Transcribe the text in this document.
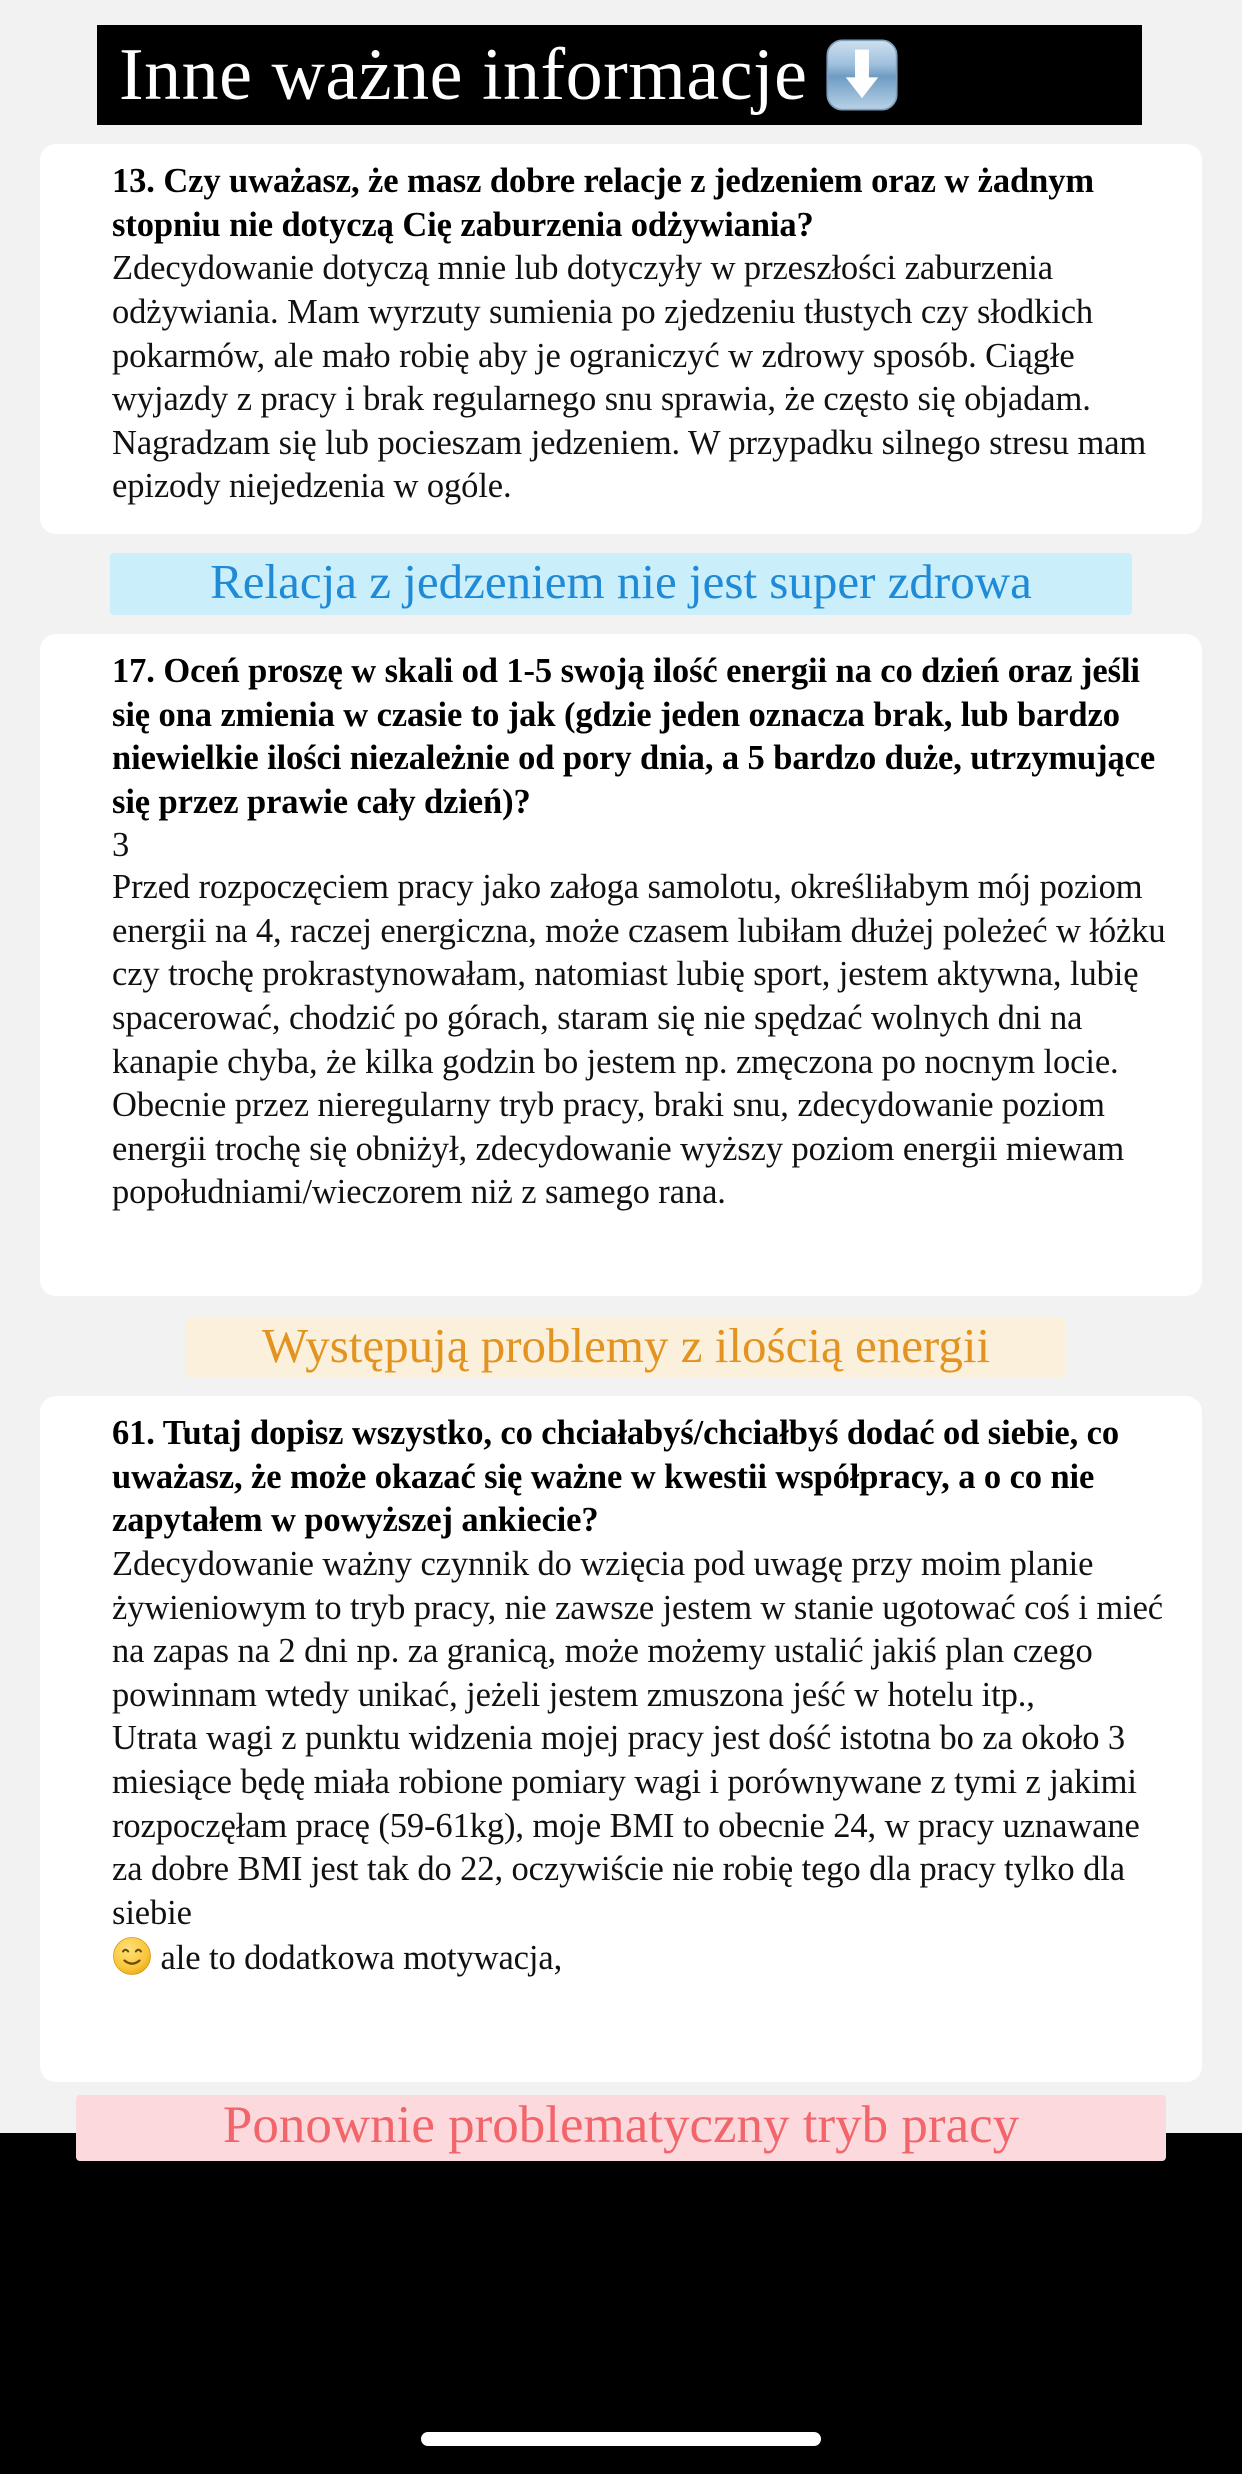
Inne ważne informacje

13. Czy uważasz, że masz dobre relacje z jedzeniem oraz w żadnym stopniu nie dotyczą Cię zaburzenia odżywiania?

Zdecydowanie dotyczą mnie lub dotyczyły w przeszłości zaburzenia odżywiania. Mam wyrzuty sumienia po zjedzeniu tłustych czy słodkich pokarmów, ale mało robię aby je ograniczyć w zdrowy sposób. Ciągłe wyjazdy z pracy i brak regularnego snu sprawia, że często się objadam. Nagradzam się lub pocieszam jedzeniem. W przypadku silnego stresu mam epizody niejedzenia w ogóle.

Relacja z jedzeniem nie jest super zdrowa

17. Oceń proszę w skali od 1-5 swoją ilość energii na co dzień oraz jeśli się ona zmienia w czasie to jak (gdzie jeden oznacza brak, lub bardzo niewielkie ilości niezależnie od pory dnia, a 5 bardzo duże, utrzymujące się przez prawie cały dzień)?

3

Przed rozpoczęciem pracy jako załoga samolotu, określiłabym mój poziom energii na 4, raczej energiczna, może czasem lubiłam dłużej poleżeć w łóżku czy trochę prokrastynowałam, natomiast lubię sport, jestem aktywna, lubię spacerować, chodzić po górach, staram się nie spędzać wolnych dni na kanapie chyba, że kilka godzin bo jestem np. zmęczona po nocnym locie. Obecnie przez nieregularny tryb pracy, braki snu, zdecydowanie poziom energii trochę się obniżył, zdecydowanie wyższy poziom energii miewam popołudniami/wieczorem niż z samego rana.

Występują problemy z ilością energii

61. Tutaj dopisz wszystko, co chciałabyś/chciałbyś dodać od siebie, co uważasz, że może okazać się ważne w kwestii współpracy, a o co nie zapytałem w powyższej ankiecie?

Zdecydowanie ważny czynnik do wzięcia pod uwagę przy moim planie żywieniowym to tryb pracy, nie zawsze jestem w stanie ugotować coś i mieć na zapas na 2 dni np. za granicą, może możemy ustalić jakiś plan czego powinnam wtedy unikać, jeżeli jestem zmuszona jeść w hotelu itp.,

Utrata wagi z punktu widzenia mojej pracy jest dość istotna bo za około 3 miesiące będę miała robione pomiary wagi i porównywane z tymi z jakimi rozpoczęłam pracę (59-61kg), moje BMI to obecnie 24, w pracy uznawane za dobre BMI jest tak do 22, oczywiście nie robię tego dla pracy tylko dla siebie

ale to dodatkowa motywacja,

Ponownie problematyczny tryb pracy
